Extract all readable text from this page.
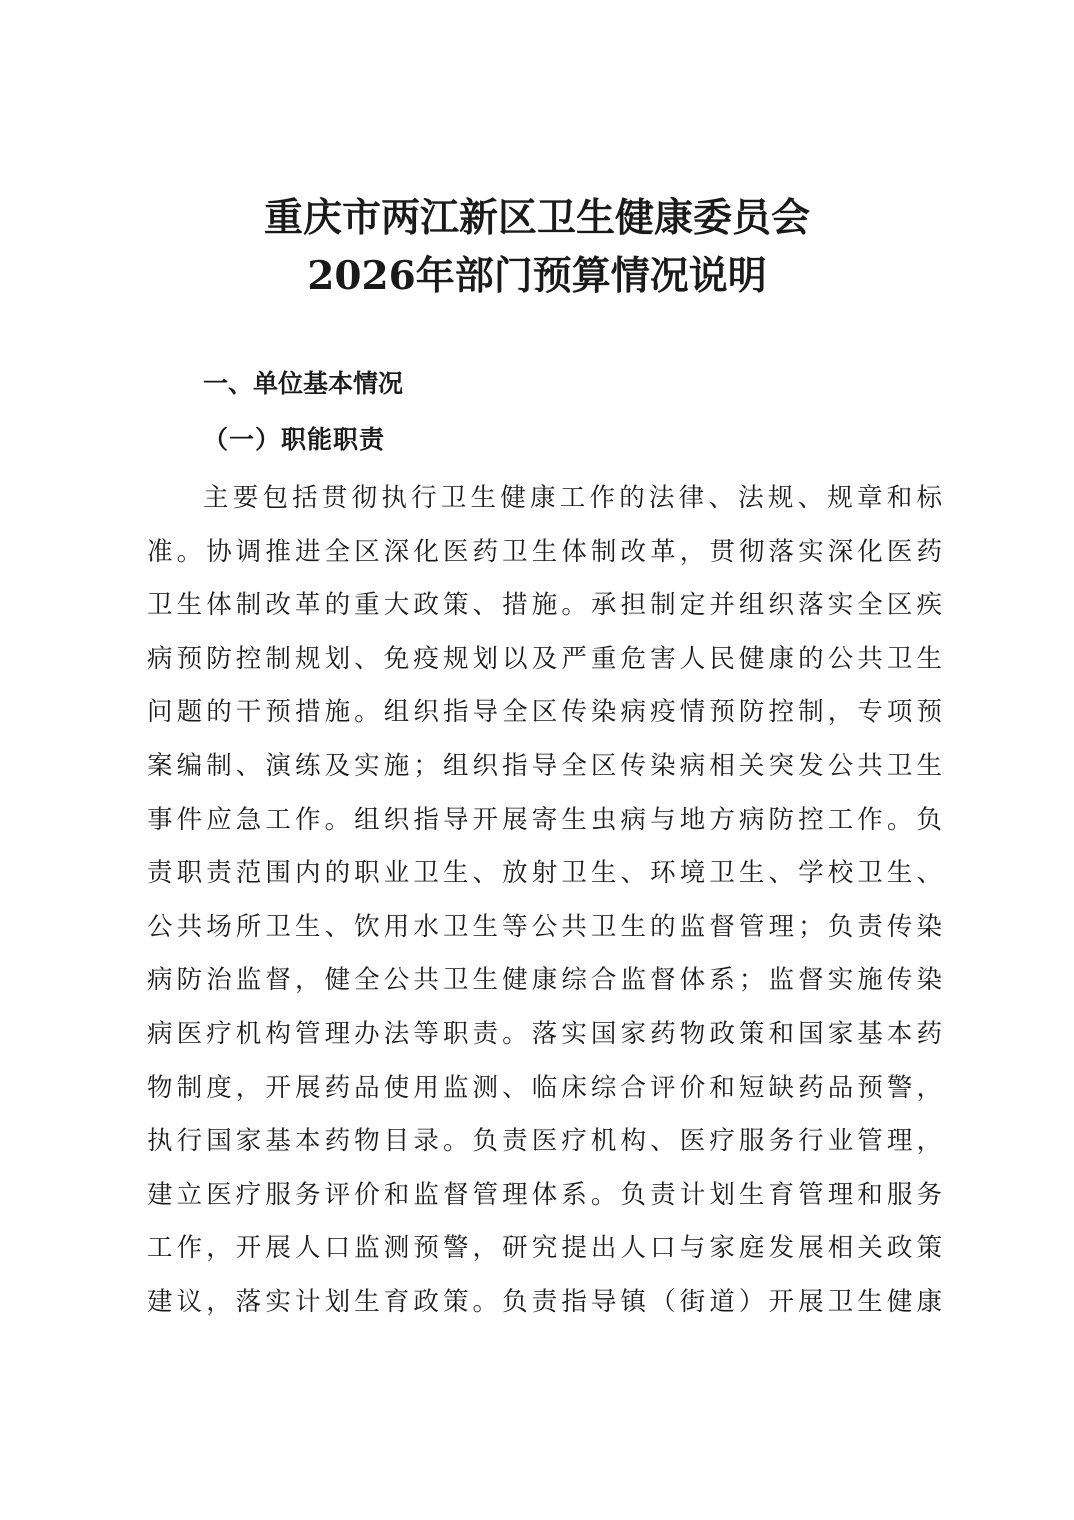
重庆市两江新区卫生健康委员会
2026年部门预算情况说明
一、单位基本情况
（一）职能职责
主要包括贯彻执行卫生健康工作的法律、法规、规章和标
准。协调推进全区深化医药卫生体制改革，贯彻落实深化医药
卫生体制改革的重大政策、措施。承担制定并组织落实全区疾
病预防控制规划、免疫规划以及严重危害人民健康的公共卫生
问题的干预措施。组织指导全区传染病疫情预防控制，专项预
案编制、演练及实施；组织指导全区传染病相关突发公共卫生
事件应急工作。组织指导开展寄生虫病与地方病防控工作。负
责职责范围内的职业卫生、放射卫生、环境卫生、学校卫生、
公共场所卫生、饮用水卫生等公共卫生的监督管理；负责传染
病防治监督，健全公共卫生健康综合监督体系；监督实施传染
病医疗机构管理办法等职责。落实国家药物政策和国家基本药
物制度，开展药品使用监测、临床综合评价和短缺药品预警，
执行国家基本药物目录。负责医疗机构、医疗服务行业管理，
建立医疗服务评价和监督管理体系。负责计划生育管理和服务
工作，开展人口监测预警，研究提出人口与家庭发展相关政策
建议，落实计划生育政策。负责指导镇（街道）开展卫生健康
